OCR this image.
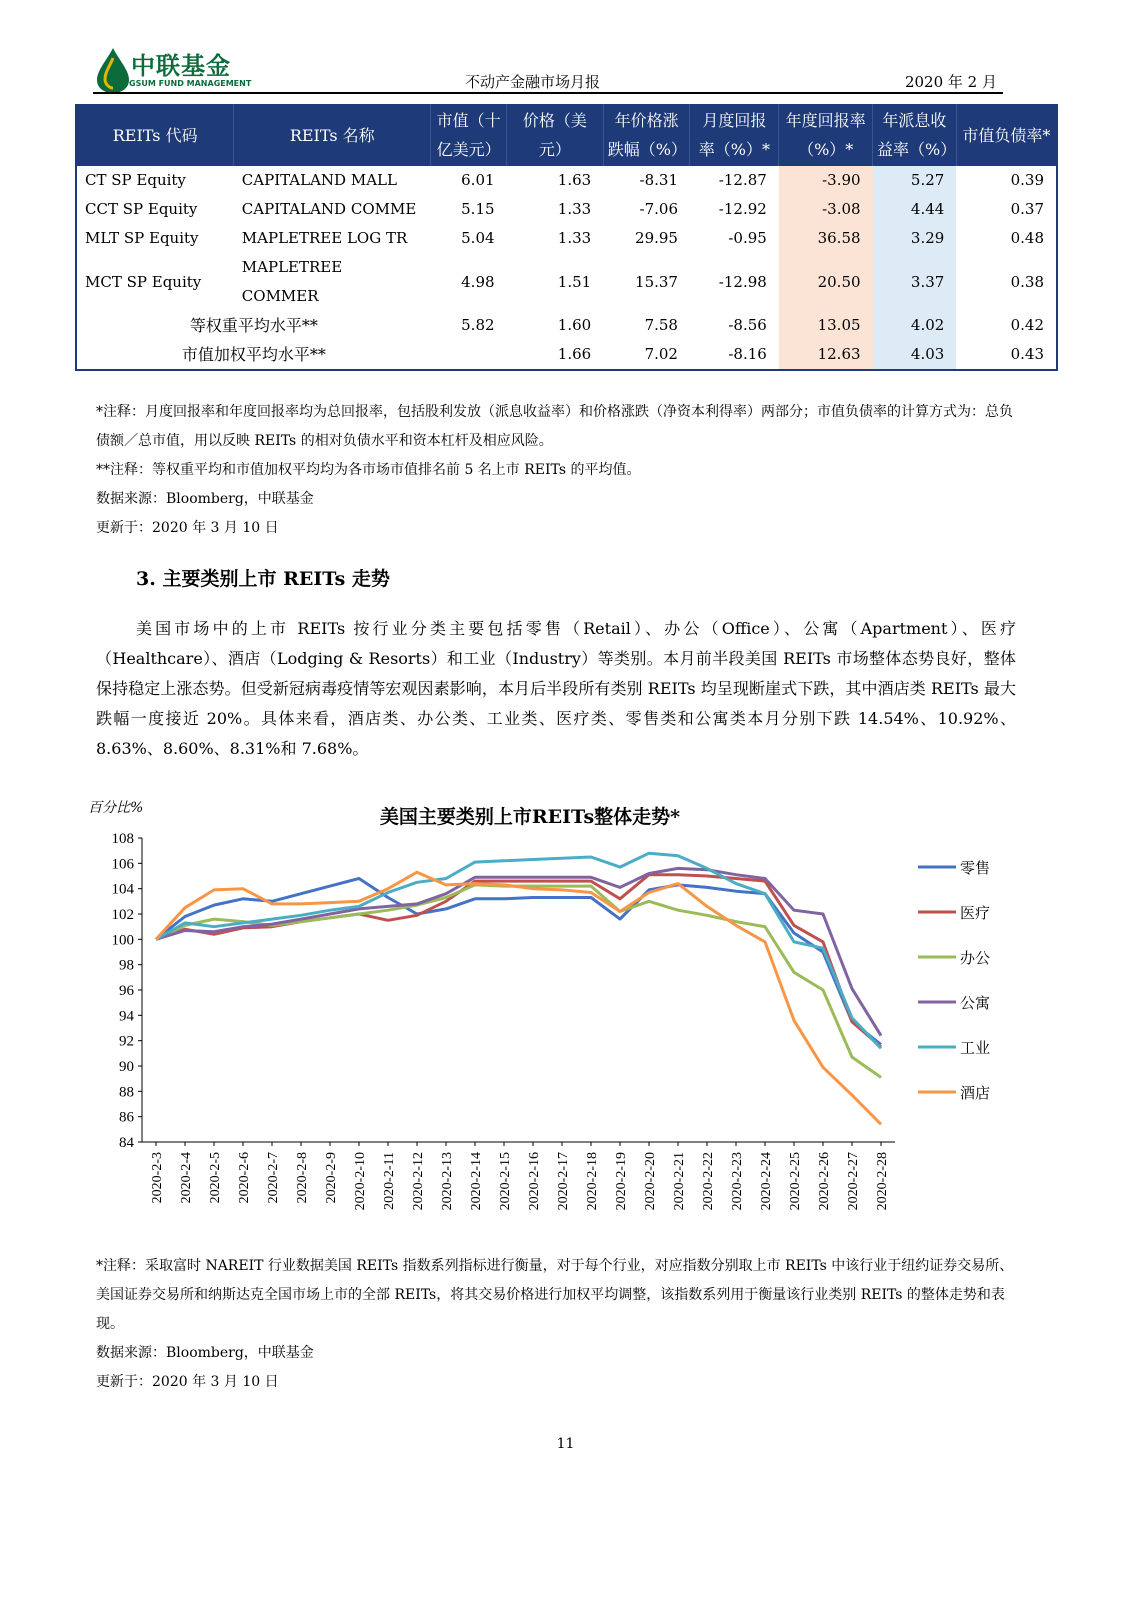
中联基金
GSUM FUND MANAGEMENT	不动产金融市场月报	2020 年 2 月
REITs 代码	REITs 名称	市值（十亿美元）	价格（美元）	年价格涨跌幅（%）	月度回报率（%）*	年度回报率（%）*	年派息收益率（%）	市值负债率*
CT SP Equity	CAPITALAND MALL	6.01	1.63	-8.31	-12.87	-3.90	5.27	0.39
CCT SP Equity	CAPITALAND COMME	5.15	1.33	-7.06	-12.92	-3.08	4.44	0.37
MLT SP Equity	MAPLETREE LOG TR	5.04	1.33	29.95	-0.95	36.58	3.29	0.48
MCT SP Equity	MAPLETREE COMMER	4.98	1.51	15.37	-12.98	20.50	3.37	0.38
等权重平均水平**		5.82	1.60	7.58	-8.56	13.05	4.02	0.42
市值加权平均水平**			1.66	7.02	-8.16	12.63	4.03	0.43
*注释：月度回报率和年度回报率均为总回报率，包括股利发放（派息收益率）和价格涨跌（净资本利得率）两部分；市值负债率的计算方式为：总负债额／总市值，用以反映 REITs 的相对负债水平和资本杠杆及相应风险。
**注释：等权重平均和市值加权平均均为各市场市值排名前 5 名上市 REITs 的平均值。
数据来源：Bloomberg，中联基金
更新于：2020 年 3 月 10 日
3. 主要类别上市 REITs 走势
美国市场中的上市 REITs 按行业分类主要包括零售（Retail）、办公（Office）、公寓（Apartment）、医疗（Healthcare）、酒店（Lodging & Resorts）和工业（Industry）等类别。本月前半段美国 REITs 市场整体态势良好，整体保持稳定上涨态势。但受新冠病毒疫情等宏观因素影响，本月后半段所有类别 REITs 均呈现断崖式下跌，其中酒店类 REITs 最大跌幅一度接近 20%。具体来看，酒店类、办公类、工业类、医疗类、零售类和公寓类本月分别下跌 14.54%、10.92%、8.63%、8.60%、8.31%和 7.68%。
百分比%	美国主要类别上市REITs整体走势*
84
86
88
90
92
94
96
98
100
102
104
106
108
2020-2-3 2020-2-4 2020-2-5 2020-2-6 2020-2-7 2020-2-8 2020-2-9 2020-2-10 2020-2-11 2020-2-12 2020-2-13 2020-2-14 2020-2-15 2020-2-16 2020-2-17 2020-2-18 2020-2-19 2020-2-20 2020-2-21 2020-2-22 2020-2-23 2020-2-24 2020-2-25 2020-2-26 2020-2-27 2020-2-28
零售
医疗
办公
公寓
工业
酒店
*注释：采取富时 NAREIT 行业数据美国 REITs 指数系列指标进行衡量，对于每个行业，对应指数分别取上市 REITs 中该行业于纽约证券交易所、美国证券交易所和纳斯达克全国市场上市的全部 REITs，将其交易价格进行加权平均调整，该指数系列用于衡量该行业类别 REITs 的整体走势和表现。
数据来源：Bloomberg，中联基金
更新于：2020 年 3 月 10 日
11
